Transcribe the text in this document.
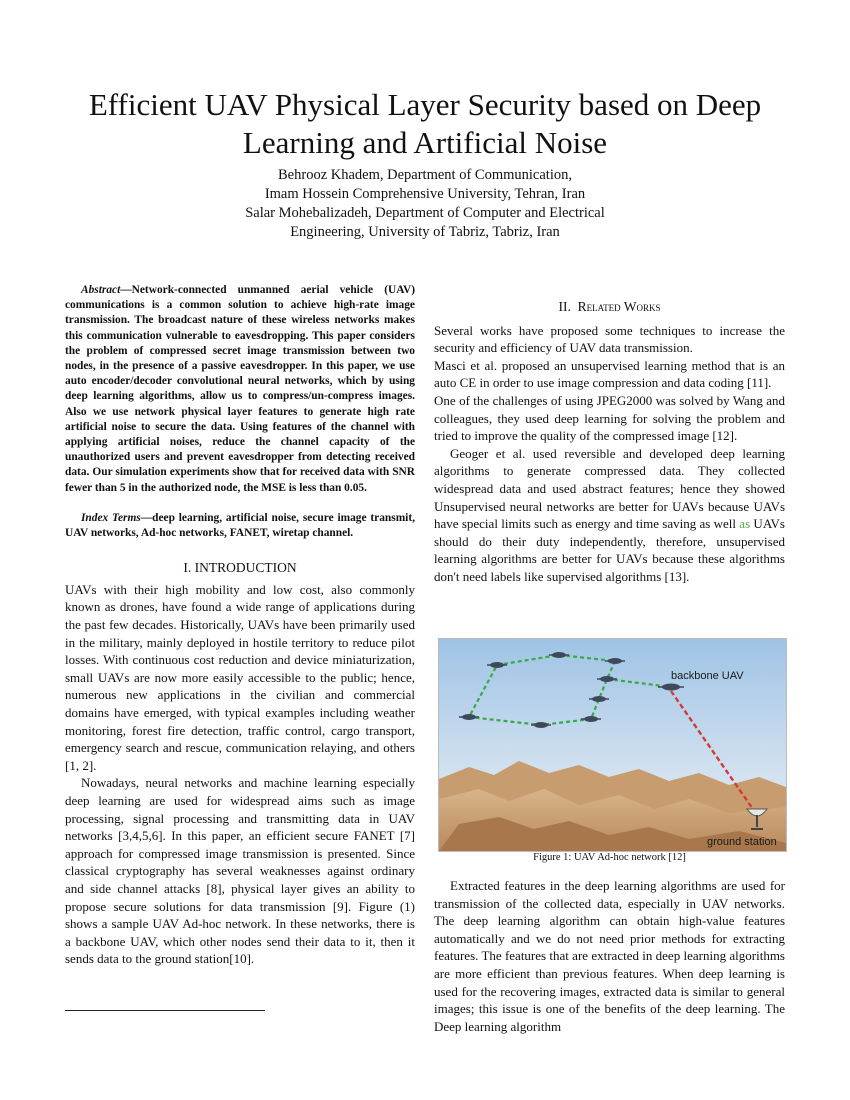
Efficient UAV Physical Layer Security based on Deep Learning and Artificial Noise
Behrooz Khadem, Department of Communication,
Imam Hossein Comprehensive University, Tehran, Iran
Salar Mohebalizadeh, Department of Computer and Electrical
Engineering, University of Tabriz, Tabriz, Iran

Abstract—Network-connected unmanned aerial vehicle (UAV) communications is a common solution to achieve high-rate image transmission. The broadcast nature of these wireless networks makes this communication vulnerable to eavesdropping. This paper considers the problem of compressed secret image transmission between two nodes, in the presence of a passive eavesdropper. In this paper, we use auto encoder/decoder convolutional neural networks, which by using deep learning algorithms, allow us to compress/un-compress images. Also we use network physical layer features to generate high rate artificial noise to secure the data. Using features of the channel with applying artificial noises, reduce the channel capacity of the unauthorized users and prevent eavesdropper from detecting received data. Our simulation experiments show that for received data with SNR fewer than 5 in the authorized node, the MSE is less than 0.05.

Index Terms—deep learning, artificial noise, secure image transmit, UAV networks, Ad-hoc networks, FANET, wiretap channel.

I. INTRODUCTION

UAVs with their high mobility and low cost, also commonly known as drones, have found a wide range of applications during the past few decades. Historically, UAVs have been primarily used in the military, mainly deployed in hostile territory to reduce pilot losses. With continuous cost reduction and device miniaturization, small UAVs are now more easily accessible to the public; hence, numerous new applications in the civilian and commercial domains have emerged, with typical examples including weather monitoring, forest fire detection, traffic control, cargo transport, emergency search and rescue, communication relaying, and others [1, 2].

Nowadays, neural networks and machine learning especially deep learning are used for widespread aims such as image processing, signal processing and transmitting data in UAV networks [3,4,5,6]. In this paper, an efficient secure FANET [7] approach for compressed image transmission is presented. Since classical cryptography has several weaknesses against ordinary and side channel attacks [8], physical layer gives an ability to propose secure solutions for data transmission [9]. Figure (1) shows a sample UAV Ad-hoc network. In these networks, there is a backbone UAV, which other nodes send their data to it, then it sends data to the ground station[10].

II. Related Works

Several works have proposed some techniques to increase the security and efficiency of UAV data transmission.

Masci et al. proposed an unsupervised learning method that is an auto CE in order to use image compression and data coding [11].

One of the challenges of using JPEG2000 was solved by Wang and colleagues, they used deep learning for solving the problem and tried to improve the quality of the compressed image [12].

Geoger et al. used reversible and developed deep learning algorithms to generate compressed data. They collected widespread data and used abstract features; hence they showed Unsupervised neural networks are better for UAVs because UAVs have special limits such as energy and time saving as well as UAVs should do their duty independently, therefore, unsupervised learning algorithms are better for UAVs because these algorithms don't need labels like supervised algorithms [13].

backbone UAV
ground station
Figure 1: UAV Ad-hoc network [12]

Extracted features in the deep learning algorithms are used for transmission of the collected data, especially in UAV networks. The deep learning algorithm can obtain high-value features automatically and we do not need prior methods for extracting features. The features that are extracted in deep learning algorithms are more efficient than previous features. When deep learning is used for the recovering images, extracted data is similar to general images; this issue is one of the benefits of the deep learning. The Deep learning algorithm
